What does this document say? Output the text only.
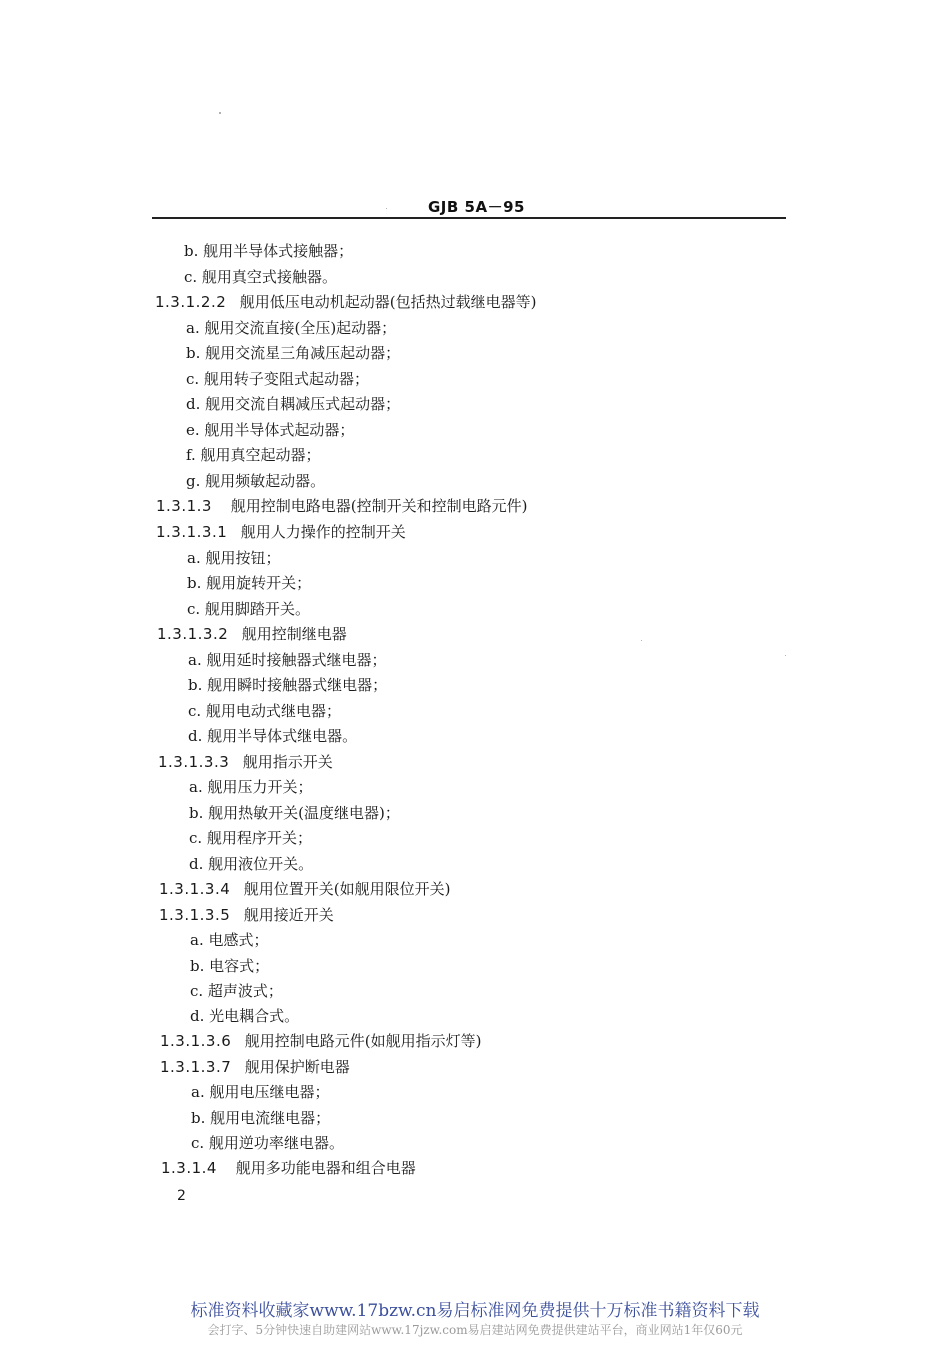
GJB 5A－95
b. 舰用半导体式接触器；
c. 舰用真空式接触器。
1.3.1.2.2 舰用低压电动机起动器(包括热过载继电器等)
a. 舰用交流直接(全压)起动器；
b. 舰用交流星三角减压起动器；
c. 舰用转子变阻式起动器；
d. 舰用交流自耦减压式起动器；
e. 舰用半导体式起动器；
f. 舰用真空起动器；
g. 舰用频敏起动器。
1.3.1.3 舰用控制电路电器(控制开关和控制电路元件)
1.3.1.3.1 舰用人力操作的控制开关
a. 舰用按钮；
b. 舰用旋转开关；
c. 舰用脚踏开关。
1.3.1.3.2 舰用控制继电器
a. 舰用延时接触器式继电器；
b. 舰用瞬时接触器式继电器；
c. 舰用电动式继电器；
d. 舰用半导体式继电器。
1.3.1.3.3 舰用指示开关
a. 舰用压力开关；
b. 舰用热敏开关(温度继电器)；
c. 舰用程序开关；
d. 舰用液位开关。
1.3.1.3.4 舰用位置开关(如舰用限位开关)
1.3.1.3.5 舰用接近开关
a. 电感式；
b. 电容式；
c. 超声波式；
d. 光电耦合式。
1.3.1.3.6 舰用控制电路元件(如舰用指示灯等)
1.3.1.3.7 舰用保护断电器
a. 舰用电压继电器；
b. 舰用电流继电器；
c. 舰用逆功率继电器。
1.3.1.4 舰用多功能电器和组合电器
2
标准资料收藏家www.17bzw.cn易启标准网免费提供十万标准书籍资料下载
会打字、5分钟快速自助建网站www.17jzw.com易启建站网免费提供建站平台，商业网站1年仅60元
